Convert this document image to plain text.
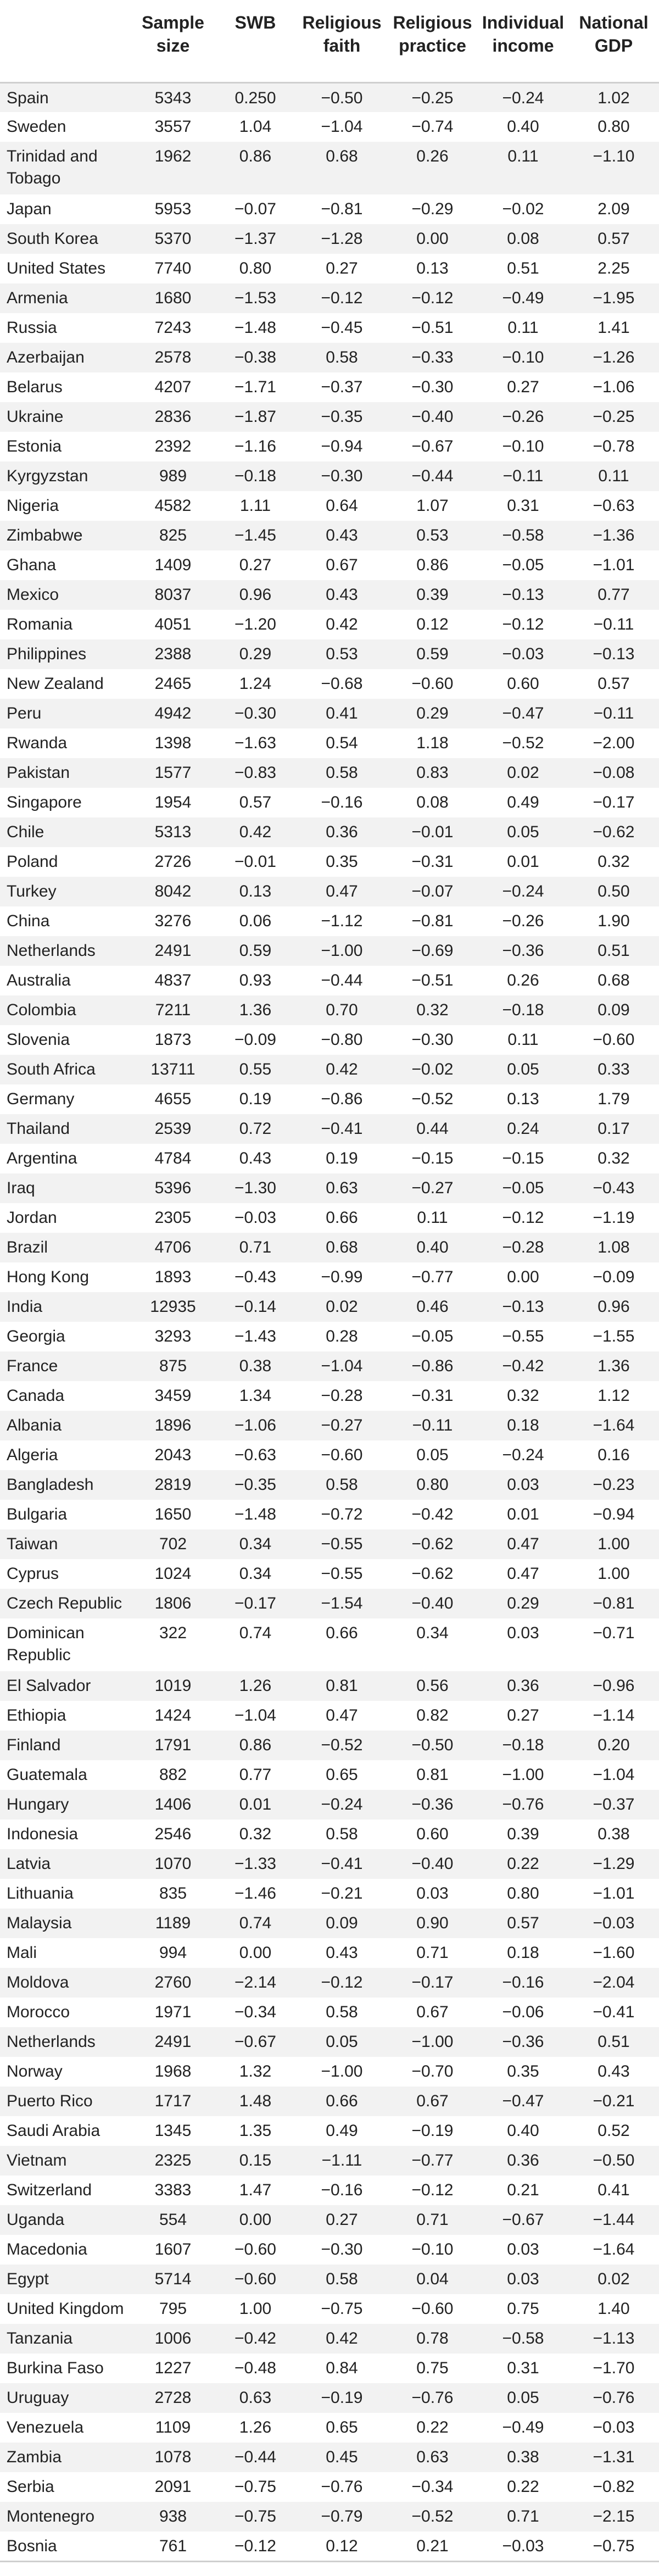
	Sample size	SWB	Religious faith	Religious practice	Individual income	National GDP
Spain	5343	0.250	−0.50	−0.25	−0.24	1.02
Sweden	3557	1.04	−1.04	−0.74	0.40	0.80
Trinidad and Tobago	1962	0.86	0.68	0.26	0.11	−1.10
Japan	5953	−0.07	−0.81	−0.29	−0.02	2.09
South Korea	5370	−1.37	−1.28	0.00	0.08	0.57
United States	7740	0.80	0.27	0.13	0.51	2.25
Armenia	1680	−1.53	−0.12	−0.12	−0.49	−1.95
Russia	7243	−1.48	−0.45	−0.51	0.11	1.41
Azerbaijan	2578	−0.38	0.58	−0.33	−0.10	−1.26
Belarus	4207	−1.71	−0.37	−0.30	0.27	−1.06
Ukraine	2836	−1.87	−0.35	−0.40	−0.26	−0.25
Estonia	2392	−1.16	−0.94	−0.67	−0.10	−0.78
Kyrgyzstan	989	−0.18	−0.30	−0.44	−0.11	0.11
Nigeria	4582	1.11	0.64	1.07	0.31	−0.63
Zimbabwe	825	−1.45	0.43	0.53	−0.58	−1.36
Ghana	1409	0.27	0.67	0.86	−0.05	−1.01
Mexico	8037	0.96	0.43	0.39	−0.13	0.77
Romania	4051	−1.20	0.42	0.12	−0.12	−0.11
Philippines	2388	0.29	0.53	0.59	−0.03	−0.13
New Zealand	2465	1.24	−0.68	−0.60	0.60	0.57
Peru	4942	−0.30	0.41	0.29	−0.47	−0.11
Rwanda	1398	−1.63	0.54	1.18	−0.52	−2.00
Pakistan	1577	−0.83	0.58	0.83	0.02	−0.08
Singapore	1954	0.57	−0.16	0.08	0.49	−0.17
Chile	5313	0.42	0.36	−0.01	0.05	−0.62
Poland	2726	−0.01	0.35	−0.31	0.01	0.32
Turkey	8042	0.13	0.47	−0.07	−0.24	0.50
China	3276	0.06	−1.12	−0.81	−0.26	1.90
Netherlands	2491	0.59	−1.00	−0.69	−0.36	0.51
Australia	4837	0.93	−0.44	−0.51	0.26	0.68
Colombia	7211	1.36	0.70	0.32	−0.18	0.09
Slovenia	1873	−0.09	−0.80	−0.30	0.11	−0.60
South Africa	13711	0.55	0.42	−0.02	0.05	0.33
Germany	4655	0.19	−0.86	−0.52	0.13	1.79
Thailand	2539	0.72	−0.41	0.44	0.24	0.17
Argentina	4784	0.43	0.19	−0.15	−0.15	0.32
Iraq	5396	−1.30	0.63	−0.27	−0.05	−0.43
Jordan	2305	−0.03	0.66	0.11	−0.12	−1.19
Brazil	4706	0.71	0.68	0.40	−0.28	1.08
Hong Kong	1893	−0.43	−0.99	−0.77	0.00	−0.09
India	12935	−0.14	0.02	0.46	−0.13	0.96
Georgia	3293	−1.43	0.28	−0.05	−0.55	−1.55
France	875	0.38	−1.04	−0.86	−0.42	1.36
Canada	3459	1.34	−0.28	−0.31	0.32	1.12
Albania	1896	−1.06	−0.27	−0.11	0.18	−1.64
Algeria	2043	−0.63	−0.60	0.05	−0.24	0.16
Bangladesh	2819	−0.35	0.58	0.80	0.03	−0.23
Bulgaria	1650	−1.48	−0.72	−0.42	0.01	−0.94
Taiwan	702	0.34	−0.55	−0.62	0.47	1.00
Cyprus	1024	0.34	−0.55	−0.62	0.47	1.00
Czech Republic	1806	−0.17	−1.54	−0.40	0.29	−0.81
Dominican Republic	322	0.74	0.66	0.34	0.03	−0.71
El Salvador	1019	1.26	0.81	0.56	0.36	−0.96
Ethiopia	1424	−1.04	0.47	0.82	0.27	−1.14
Finland	1791	0.86	−0.52	−0.50	−0.18	0.20
Guatemala	882	0.77	0.65	0.81	−1.00	−1.04
Hungary	1406	0.01	−0.24	−0.36	−0.76	−0.37
Indonesia	2546	0.32	0.58	0.60	0.39	0.38
Latvia	1070	−1.33	−0.41	−0.40	0.22	−1.29
Lithuania	835	−1.46	−0.21	0.03	0.80	−1.01
Malaysia	1189	0.74	0.09	0.90	0.57	−0.03
Mali	994	0.00	0.43	0.71	0.18	−1.60
Moldova	2760	−2.14	−0.12	−0.17	−0.16	−2.04
Morocco	1971	−0.34	0.58	0.67	−0.06	−0.41
Netherlands	2491	−0.67	0.05	−1.00	−0.36	0.51
Norway	1968	1.32	−1.00	−0.70	0.35	0.43
Puerto Rico	1717	1.48	0.66	0.67	−0.47	−0.21
Saudi Arabia	1345	1.35	0.49	−0.19	0.40	0.52
Vietnam	2325	0.15	−1.11	−0.77	0.36	−0.50
Switzerland	3383	1.47	−0.16	−0.12	0.21	0.41
Uganda	554	0.00	0.27	0.71	−0.67	−1.44
Macedonia	1607	−0.60	−0.30	−0.10	0.03	−1.64
Egypt	5714	−0.60	0.58	0.04	0.03	0.02
United Kingdom	795	1.00	−0.75	−0.60	0.75	1.40
Tanzania	1006	−0.42	0.42	0.78	−0.58	−1.13
Burkina Faso	1227	−0.48	0.84	0.75	0.31	−1.70
Uruguay	2728	0.63	−0.19	−0.76	0.05	−0.76
Venezuela	1109	1.26	0.65	0.22	−0.49	−0.03
Zambia	1078	−0.44	0.45	0.63	0.38	−1.31
Serbia	2091	−0.75	−0.76	−0.34	0.22	−0.82
Montenegro	938	−0.75	−0.79	−0.52	0.71	−2.15
Bosnia	761	−0.12	0.12	0.21	−0.03	−0.75
